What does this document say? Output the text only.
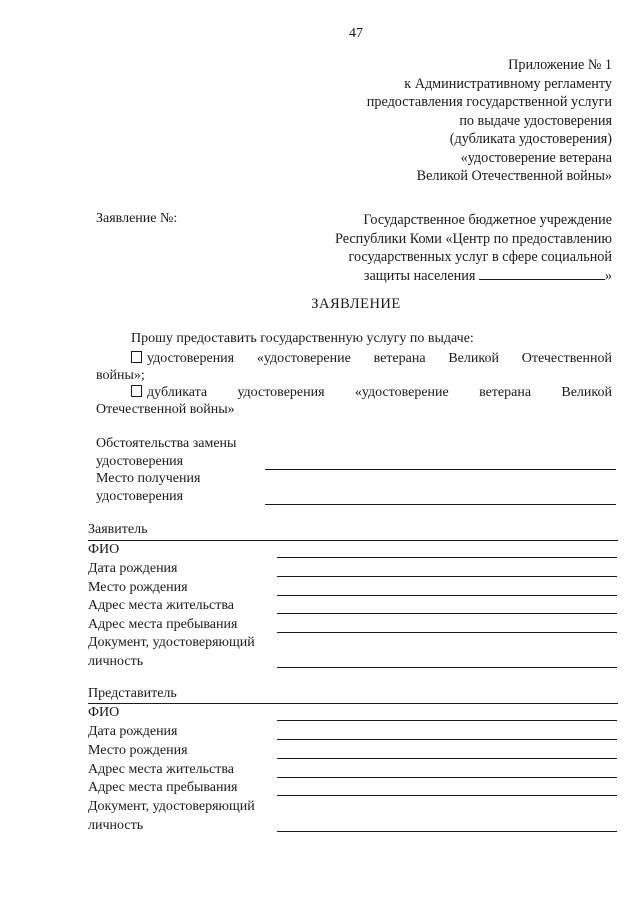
47
Приложение № 1
к Административному регламенту
предоставления государственной услуги
по выдаче удостоверения
(дубликата удостоверения)
«удостоверение ветерана
Великой Отечественной войны»
Заявление №:	Государственное бюджетное учреждение
Республики Коми «Центр по предоставлению
государственных услуг в сфере социальной
защиты населения	»
ЗАЯВЛЕНИЕ
Прошу предоставить государственную услугу по выдаче:
удостоверения «удостоверение ветерана Великой Отечественной
войны»;
дубликата удостоверения «удостоверение ветерана Великой
Отечественной войны»
Обстоятельства замены
удостоверения
Место получения
удостоверения
Заявитель
ФИО
Дата рождения
Место рождения
Адрес места жительства
Адрес места пребывания
Документ, удостоверяющий
личность
Представитель
ФИО
Дата рождения
Место рождения
Адрес места жительства
Адрес места пребывания
Документ, удостоверяющий
личность
